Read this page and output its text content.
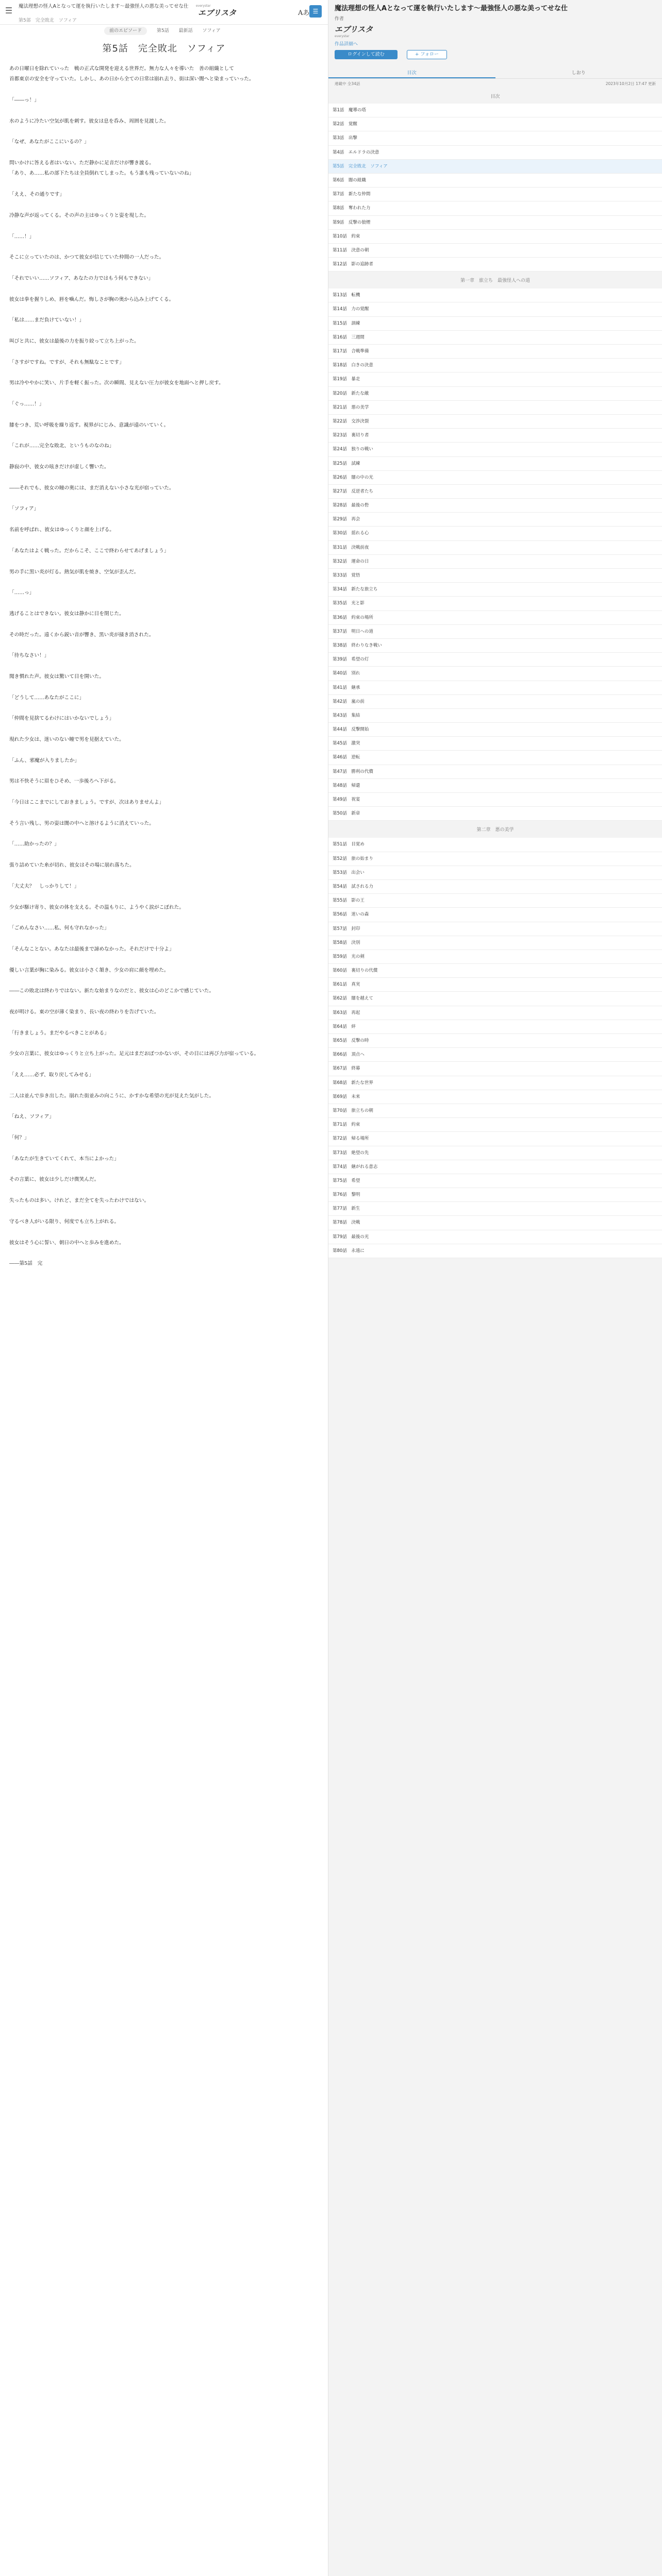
☰	魔法理想の怪人Aとなって運を執行いたします〜最強怪人の悪な美ってせな仕
第5部　完全敗北　ソフィア
everystar
エブリスタ	Aあ ☰
前のエピソード	第5話 最新話 ソフィア
第5話　完全敗北　ソフィア

あの日曜日を除れていった　戦の正式な開発を迎える世界だ。無力な人々を導いた　善の組織として

首都東京の安全を守っていた。しかし、あの日から全ての日常は崩れ去り、街は深い闇へと染まっていった。

「――っ！」

水のように冷たい空気が肌を刺す。彼女は息を呑み、周囲を見渡した。

「なぜ、あなたがここにいるの？」

問いかけに答える者はいない。ただ静かに足音だけが響き渡る。

「あり、あ……私の部下たちは全員倒れてしまった。もう誰も残っていないのね」

「ええ、その通りです」

冷静な声が返ってくる。その声の主はゆっくりと姿を現した。

「……！」

そこに立っていたのは、かつて彼女が信じていた仲間の一人だった。

「それでいい……ソフィア、あなたの力ではもう何もできない」

彼女は拳を握りしめ、唇を噛んだ。悔しさが胸の奥から込み上げてくる。

「私は……まだ負けていない！」

叫びと共に、彼女は最後の力を振り絞って立ち上がった。

「さすがですね。ですが、それも無駄なことです」

男は冷ややかに笑い、片手を軽く振った。次の瞬間、見えない圧力が彼女を地面へと押し戻す。

「ぐっ……！」

膝をつき、荒い呼吸を繰り返す。視界がにじみ、意識が遠のいていく。

「これが……完全な敗北、というものなのね」

静寂の中、彼女の呟きだけが虚しく響いた。

――それでも、彼女の瞳の奥には、まだ消えない小さな光が宿っていた。

「ソフィア」

名前を呼ばれ、彼女はゆっくりと顔を上げる。

「あなたはよく戦った。だからこそ、ここで終わらせてあげましょう」

男の手に黒い炎が灯る。熱気が肌を焼き、空気が歪んだ。

「……っ」

逃げることはできない。彼女は静かに目を閉じた。

その時だった。遠くから鋭い音が響き、黒い炎が掻き消された。

「待ちなさい！」

聞き慣れた声。彼女は驚いて目を開いた。

「どうして……あなたがここに」

「仲間を見捨てるわけにはいかないでしょう」

現れた少女は、迷いのない瞳で男を見据えていた。

「ふん、邪魔が入りましたか」

男は不快そうに眉をひそめ、一歩後ろへ下がる。

「今日はここまでにしておきましょう。ですが、次はありませんよ」

そう言い残し、男の姿は闇の中へと溶けるように消えていった。

「……助かったの？」

張り詰めていた糸が切れ、彼女はその場に崩れ落ちた。

「大丈夫？　しっかりして！」

少女が駆け寄り、彼女の体を支える。その温もりに、ようやく涙がこぼれた。

「ごめんなさい……私、何も守れなかった」

「そんなことない。あなたは最後まで諦めなかった。それだけで十分よ」

優しい言葉が胸に染みる。彼女は小さく頷き、少女の肩に顔を埋めた。

――この敗北は終わりではない。新たな始まりなのだと、彼女は心のどこかで感じていた。

夜が明ける。東の空が薄く染まり、長い夜の終わりを告げていた。

「行きましょう。まだやるべきことがある」

少女の言葉に、彼女はゆっくりと立ち上がった。足元はまだおぼつかないが、その目には再び力が宿っている。

「ええ……必ず、取り戻してみせる」

二人は並んで歩き出した。崩れた街並みの向こうに、かすかな希望の光が見えた気がした。

「ねえ、ソフィア」

「何？」

「あなたが生きていてくれて、本当によかった」

その言葉に、彼女は少しだけ微笑んだ。

失ったものは多い。けれど、まだ全てを失ったわけではない。

守るべき人がいる限り、何度でも立ち上がれる。

彼女はそう心に誓い、朝日の中へと歩みを進めた。

――第5話　完

魔法理想の怪人Aとなって運を執行いたします〜最強怪人の悪な美ってせな仕
作者
エブリスタ
everystar
作品詳細へ
ログインして読む	+ フォロー
目次	しおり
連載中 全34話	2023年10月2日 17:47 更新
目次
第1話　魔導の塔
第2話　覚醒
第3話　出撃
第4話　エルドラの決意
第5話　完全敗北　ソフィア
第6話　闇の組織
第7話　新たな仲間
第8話　奪われた力
第9話　反撃の狼煙
第10話　約束
第11話　決意の朝
第12話　影の追跡者
第一章　旅立ち　最強怪人への道
第13話　転機
第14話　力の覚醒
第15話　訓練
第16話　三週間
第17話　合戦準備
第18話　白きの決意
第19話　暴走
第20話　新たな敵
第21話　悪の美学
第22話　交渉決裂
第23話　裏切り者
第24話　独りの戦い
第25話　試練
第26話　闇の中の光
第27話　反逆者たち
第28話　最後の砦
第29話　再会
第30話　揺れる心
第31話　決戦前夜
第32話　運命の日
第33話　覚悟
第34話　新たな旅立ち
第35話　光と影
第36話　約束の場所
第37話　明日への道
第38話　終わりなき戦い
第39話　希望の灯
第40話　別れ
第41話　継承
第42話　嵐の前
第43話　集結
第44話　反撃開始
第45話　激突
第46話　逆転
第47話　勝利の代償
第48話　帰還
第49話　祝宴
第50話　新章
第二章　悪の美学
第51話　目覚め
第52話　旅の始まり
第53話　出会い
第54話　試される力
第55話　影の王
第56話　迷いの森
第57話　封印
第58話　決別
第59話　光の剣
第60話　裏切りの代償
第61話　真実
第62話　闇を越えて
第63話　再起
第64話　絆
第65話　反撃の時
第66話　頂点へ
第67話　終幕
第68話　新たな世界
第69話　未来
第70話　旅立ちの朝
第71話　約束
第72話　帰る場所
第73話　絶望の先
第74話　継がれる意志
第75話　希望
第76話　黎明
第77話　新生
第78話　決戦
第79話　最後の光
第80話　永遠に
